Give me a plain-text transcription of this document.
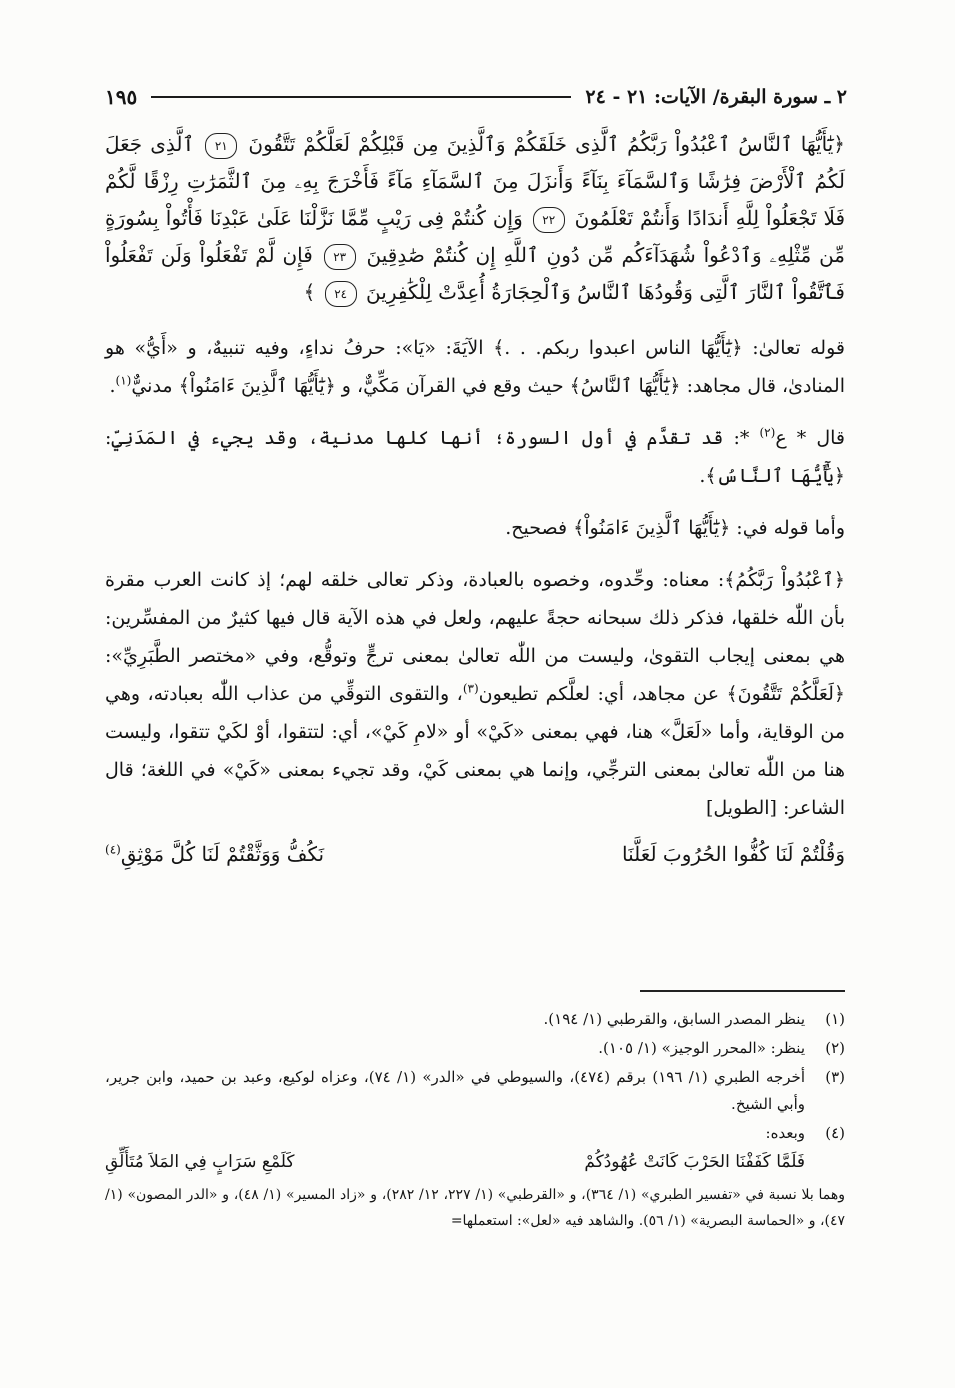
٢ ـ سورة البقرة/ الآيات: ٢١ - ٢٤
١٩٥

﴿يَٰٓأَيُّهَا ٱلنَّاسُ ٱعْبُدُواْ رَبَّكُمُ ٱلَّذِى خَلَقَكُمْ وَٱلَّذِينَ مِن قَبْلِكُمْ لَعَلَّكُمْ تَتَّقُونَ ٢١ ٱلَّذِى جَعَلَ لَكُمُ ٱلْأَرْضَ فِرَٰشًا وَٱلسَّمَآءَ بِنَآءً وَأَنزَلَ مِنَ ٱلسَّمَآءِ مَآءً فَأَخْرَجَ بِهِۦ مِنَ ٱلثَّمَرَٰتِ رِزْقًا لَّكُمْ فَلَا تَجْعَلُواْ لِلَّهِ أَندَادًا وَأَنتُمْ تَعْلَمُونَ ٢٢ وَإِن كُنتُمْ فِى رَيْبٍ مِّمَّا نَزَّلْنَا عَلَىٰ عَبْدِنَا فَأْتُواْ بِسُورَةٍ مِّن مِّثْلِهِۦ وَٱدْعُواْ شُهَدَآءَكُم مِّن دُونِ ٱللَّهِ إِن كُنتُمْ صَٰدِقِينَ ٢٣ فَإِن لَّمْ تَفْعَلُواْ وَلَن تَفْعَلُواْ فَٱتَّقُواْ ٱلنَّارَ ٱلَّتِى وَقُودُهَا ٱلنَّاسُ وَٱلْحِجَارَةُ أُعِدَّتْ لِلْكَٰفِرِينَ ٢٤ ﴾

قوله تعالىٰ: ﴿يَٰٓأَيُّهَا الناس اعبدوا ربكم. . .﴾ الآيَةَ: «يَا»: حرفُ نداءٍ، وفيه تنبيهٌ، و «أَيُّ» هو المنادىٰ، قال مجاهد: ﴿يَٰٓأَيُّهَا ٱلنَّاسُ﴾ حيث وقع في القرآن مَكِّيٌّ، و ﴿يَٰٓأَيُّهَا ٱلَّذِينَ ءَامَنُواْ﴾ مدنيٌّ$^{(١)}$.

قال * ع$^{(٢)}$ *: قد تقدَّم في أول السورة؛ أنها كلها مدنية، وقد يجيء في المَدَنِيِّ: ﴿يَٰٓأَيُّهَا ٱلنَّاسُ﴾.

وأما قوله في: ﴿يَٰٓأَيُّهَا ٱلَّذِينَ ءَامَنُواْ﴾ فصحيح.

﴿ٱعْبُدُواْ رَبَّكُمُ﴾: معناه: وحِّدوه، وخصوه بالعبادة، وذكر تعالى خلقه لهم؛ إذ كانت العرب مقرة بأن اللّٰه خلقها، فذكر ذلك سبحانه حجةً عليهم، ولعل في هذه الآية قال فيها كثيرٌ من المفسِّرين: هي بمعنى إيجاب التقوىٰ، وليست من اللّٰه تعالىٰ بمعنى ترجٍّ وتوقُّع، وفي «مختصر الطَّبَرِيِّ»: ﴿لَعَلَّكُمْ تَتَّقُونَ﴾ عن مجاهد، أي: لعلَّكم تطيعون$^{(٣)}$، والتقوى التوقِّي من عذاب اللّٰه بعبادته، وهي من الوقاية، وأما «لَعَلَّ» هنا، فهي بمعنى «كَيْ» أو «لامِ كَيْ»، أي: لتتقوا، أوْ لكَيْ تتقوا، وليست هنا من اللّٰه تعالىٰ بمعنى الترجِّي، وإنما هي بمعنى كَيْ، وقد تجيء بمعنى «كَيْ» في اللغة؛ قال الشاعر: [الطويل]

وَقُلْتُمْ لَنَا كُفُّوا الحُرُوبَ لَعَلَّنَا
نَكُفُّ وَوَثَّقْتُمْ لَنَا كُلَّ مَوْثِقِ$^{(٤)}$
(١)
ينظر المصدر السابق، والقرطبي (١/ ١٩٤).
(٢)
ينظر: «المحرر الوجيز» (١/ ١٠٥).
(٣)
أخرجه الطبري (١/ ١٩٦) برقم (٤٧٤)، والسيوطي في «الدر» (١/ ٧٤)، وعزاه لوكيع، وعبد بن حميد، وابن جرير، وأبي الشيخ.
(٤)
وبعده:
فَلَمَّا كَفَفْنَا الحَرْبَ كَانَتْ عُهُودُكُمْ
كَلَمْعِ سَرَابٍ فِي المَلاَ مُتَأَلِّقِ
وهما بلا نسبة في «تفسير الطبري» (١/ ٣٦٤)، و «القرطبي» (١/ ٢٢٧، ١٢/ ٢٨٢)، و «زاد المسير» (١/ ٤٨)، و «الدر المصون» (١/ ٤٧)، و «الحماسة البصرية» (١/ ٥٦). والشاهد فيه «لعل»: استعملها=
